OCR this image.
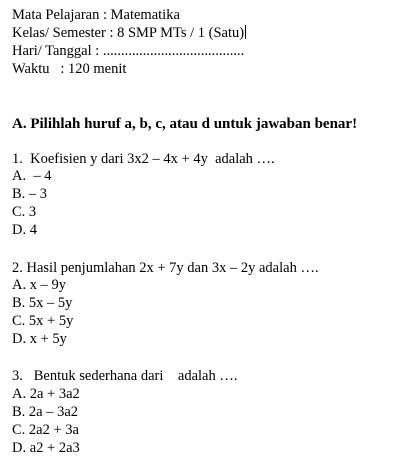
Mata Pelajaran : Matematika
Kelas/ Semester : 8 SMP MTs / 1 (Satu)
Hari/ Tanggal : .......................................
Waktu   : 120 menit
A. Pilihlah huruf a, b, c, atau d untuk jawaban benar!
1.  Koefisien y dari 3x2 – 4x + 4y  adalah ….
A.  – 4
B. – 3
C. 3
D. 4
2. Hasil penjumlahan 2x + 7y dan 3x – 2y adalah ….
A. x – 9y
B. 5x – 5y
C. 5x + 5y
D. x + 5y
3.   Bentuk sederhana dari    adalah ….
A. 2a + 3a2
B. 2a – 3a2
C. 2a2 + 3a
D. a2 + 2a3
